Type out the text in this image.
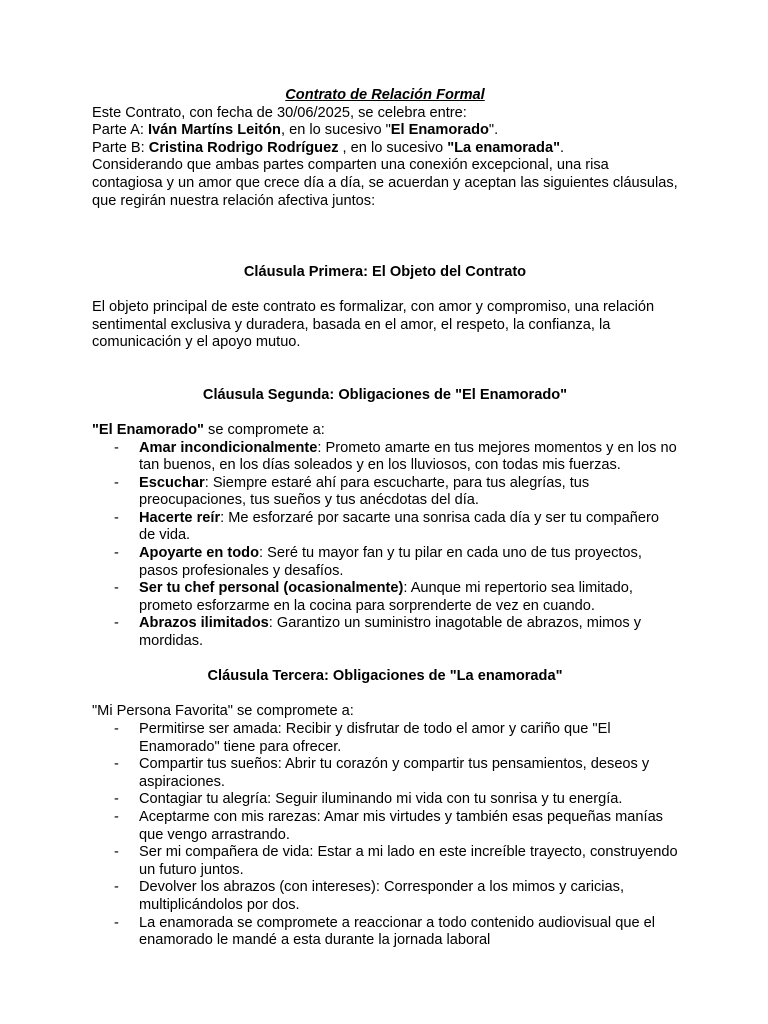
Contrato de Relación Formal

Este Contrato, con fecha de 30/06/2025, se celebra entre:

Parte A: Iván Martíns Leitón, en lo sucesivo "El Enamorado".

Parte B: Cristina Rodrigo Rodríguez , en lo sucesivo "La enamorada".

Considerando que ambas partes comparten una conexión excepcional, una risa contagiosa y un amor que crece día a día, se acuerdan y aceptan las siguientes cláusulas, que regirán nuestra relación afectiva juntos:

Cláusula Primera: El Objeto del Contrato

El objeto principal de este contrato es formalizar, con amor y compromiso, una relación sentimental exclusiva y duradera, basada en el amor, el respeto, la confianza, la comunicación y el apoyo mutuo.

Cláusula Segunda: Obligaciones de "El Enamorado"

"El Enamorado" se compromete a:

- Amar incondicionalmente: Prometo amarte en tus mejores momentos y en los no tan buenos, en los días soleados y en los lluviosos, con todas mis fuerzas.
- Escuchar: Siempre estaré ahí para escucharte, para tus alegrías, tus preocupaciones, tus sueños y tus anécdotas del día.
- Hacerte reír: Me esforzaré por sacarte una sonrisa cada día y ser tu compañero de vida.
- Apoyarte en todo: Seré tu mayor fan y tu pilar en cada uno de tus proyectos, pasos profesionales y desafíos.
- Ser tu chef personal (ocasionalmente): Aunque mi repertorio sea limitado, prometo esforzarme en la cocina para sorprenderte de vez en cuando.
- Abrazos ilimitados: Garantizo un suministro inagotable de abrazos, mimos y mordidas.

Cláusula Tercera: Obligaciones de "La enamorada"

"Mi Persona Favorita" se compromete a:

- Permitirse ser amada: Recibir y disfrutar de todo el amor y cariño que "El Enamorado" tiene para ofrecer.
- Compartir tus sueños: Abrir tu corazón y compartir tus pensamientos, deseos y aspiraciones.
- Contagiar tu alegría: Seguir iluminando mi vida con tu sonrisa y tu energía.
- Aceptarme con mis rarezas: Amar mis virtudes y también esas pequeñas manías que vengo arrastrando.
- Ser mi compañera de vida: Estar a mi lado en este increíble trayecto, construyendo un futuro juntos.
- Devolver los abrazos (con intereses): Corresponder a los mimos y caricias, multiplicándolos por dos.
- La enamorada se compromete a reaccionar a todo contenido audiovisual que el enamorado le mandé a esta durante la jornada laboral
